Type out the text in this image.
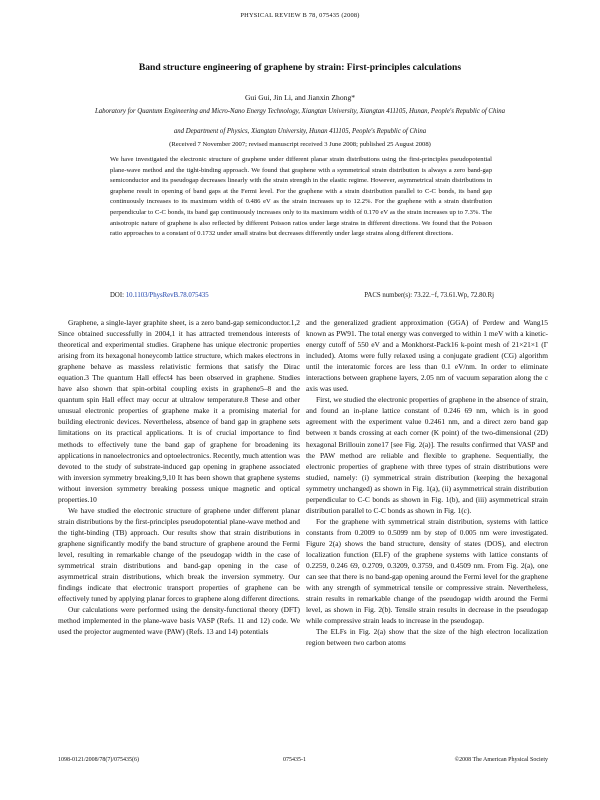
PHYSICAL REVIEW B 78, 075435 (2008)
Band structure engineering of graphene by strain: First-principles calculations
Gui Gui, Jin Li, and Jianxin Zhong*
Laboratory for Quantum Engineering and Micro-Nano Energy Technology, Xiangtan University, Xiangtan 411105, Hunan, People's Republic of China
and Department of Physics, Xiangtan University, Hunan 411105, People's Republic of China
(Received 7 November 2007; revised manuscript received 3 June 2008; published 25 August 2008)
We have investigated the electronic structure of graphene under different planar strain distributions using the first-principles pseudopotential plane-wave method and the tight-binding approach. We found that graphene with a symmetrical strain distribution is always a zero band-gap semiconductor and its pseudogap decreases linearly with the strain strength in the elastic regime. However, asymmetrical strain distributions in graphene result in opening of band gaps at the Fermi level. For the graphene with a strain distribution parallel to C-C bonds, its band gap continuously increases to its maximum width of 0.486 eV as the strain increases up to 12.2%. For the graphene with a strain distribution perpendicular to C-C bonds, its band gap continuously increases only to its maximum width of 0.170 eV as the strain increases up to 7.3%. The anisotropic nature of graphene is also reflected by different Poisson ratios under large strains in different directions. We found that the Poisson ratio approaches to a constant of 0.1732 under small strains but decreases differently under large strains along different directions.
DOI: 10.1103/PhysRevB.78.075435	PACS number(s): 73.22.−f, 73.61.Wp, 72.80.Rj

Graphene, a single-layer graphite sheet, is a zero band-gap semiconductor.1,2 Since obtained successfully in 2004,1 it has attracted tremendous interests of theoretical and experimental studies. Graphene has unique electronic properties arising from its hexagonal honeycomb lattice structure, which makes electrons in graphene behave as massless relativistic fermions that satisfy the Dirac equation.3 The quantum Hall effect4 has been observed in graphene. Studies have also shown that spin-orbital coupling exists in graphene5–8 and the quantum spin Hall effect may occur at ultralow temperature.8 These and other unusual electronic properties of graphene make it a promising material for building electronic devices. Nevertheless, absence of band gap in graphene sets limitations on its practical applications. It is of crucial importance to find methods to effectively tune the band gap of graphene for broadening its applications in nanoelectronics and optoelectronics. Recently, much attention was devoted to the study of substrate-induced gap opening in graphene associated with inversion symmetry breaking.9,10 It has been shown that graphene systems without inversion symmetry breaking possess unique magnetic and optical properties.10

We have studied the electronic structure of graphene under different planar strain distributions by the first-principles pseudopotential plane-wave method and the tight-binding (TB) approach. Our results show that strain distributions in graphene significantly modify the band structure of graphene around the Fermi level, resulting in remarkable change of the pseudogap width in the case of symmetrical strain distributions and band-gap opening in the case of asymmetrical strain distributions, which break the inversion symmetry. Our findings indicate that electronic transport properties of graphene can be effectively tuned by applying planar forces to graphene along different directions.

Our calculations were performed using the density-functional theory (DFT) method implemented in the plane-wave basis VASP (Refs. 11 and 12) code. We used the projector augmented wave (PAW) (Refs. 13 and 14) potentials

and the generalized gradient approximation (GGA) of Perdew and Wang15 known as PW91. The total energy was converged to within 1 meV with a kinetic-energy cutoff of 550 eV and a Monkhorst-Pack16 k-point mesh of 21×21×1 (Γ included). Atoms were fully relaxed using a conjugate gradient (CG) algorithm until the interatomic forces are less than 0.1 eV/nm. In order to eliminate interactions between graphene layers, 2.05 nm of vacuum separation along the c axis was used.

First, we studied the electronic properties of graphene in the absence of strain, and found an in-plane lattice constant of 0.246 69 nm, which is in good agreement with the experiment value 0.2461 nm, and a direct zero band gap between π bands crossing at each corner (K point) of the two-dimensional (2D) hexagonal Brillouin zone17 [see Fig. 2(a)]. The results confirmed that VASP and the PAW method are reliable and flexible to graphene. Sequentially, the electronic properties of graphene with three types of strain distributions were studied, namely: (i) symmetrical strain distribution (keeping the hexagonal symmetry unchanged) as shown in Fig. 1(a), (ii) asymmetrical strain distribution perpendicular to C-C bonds as shown in Fig. 1(b), and (iii) asymmetrical strain distribution parallel to C-C bonds as shown in Fig. 1(c).

For the graphene with symmetrical strain distribution, systems with lattice constants from 0.2009 to 0.5099 nm by step of 0.005 nm were investigated. Figure 2(a) shows the band structure, density of states (DOS), and electron localization function (ELF) of the graphene systems with lattice constants of 0.2259, 0.246 69, 0.2709, 0.3209, 0.3759, and 0.4509 nm. From Fig. 2(a), one can see that there is no band-gap opening around the Fermi level for the graphene with any strength of symmetrical tensile or compressive strain. Nevertheless, strain results in remarkable change of the pseudogap width around the Fermi level, as shown in Fig. 2(b). Tensile strain results in decrease in the pseudogap while compressive strain leads to increase in the pseudogap.

The ELFs in Fig. 2(a) show that the size of the high electron localization region between two carbon atoms

1098-0121/2008/78(7)/075435(6)	075435-1	©2008 The American Physical Society
